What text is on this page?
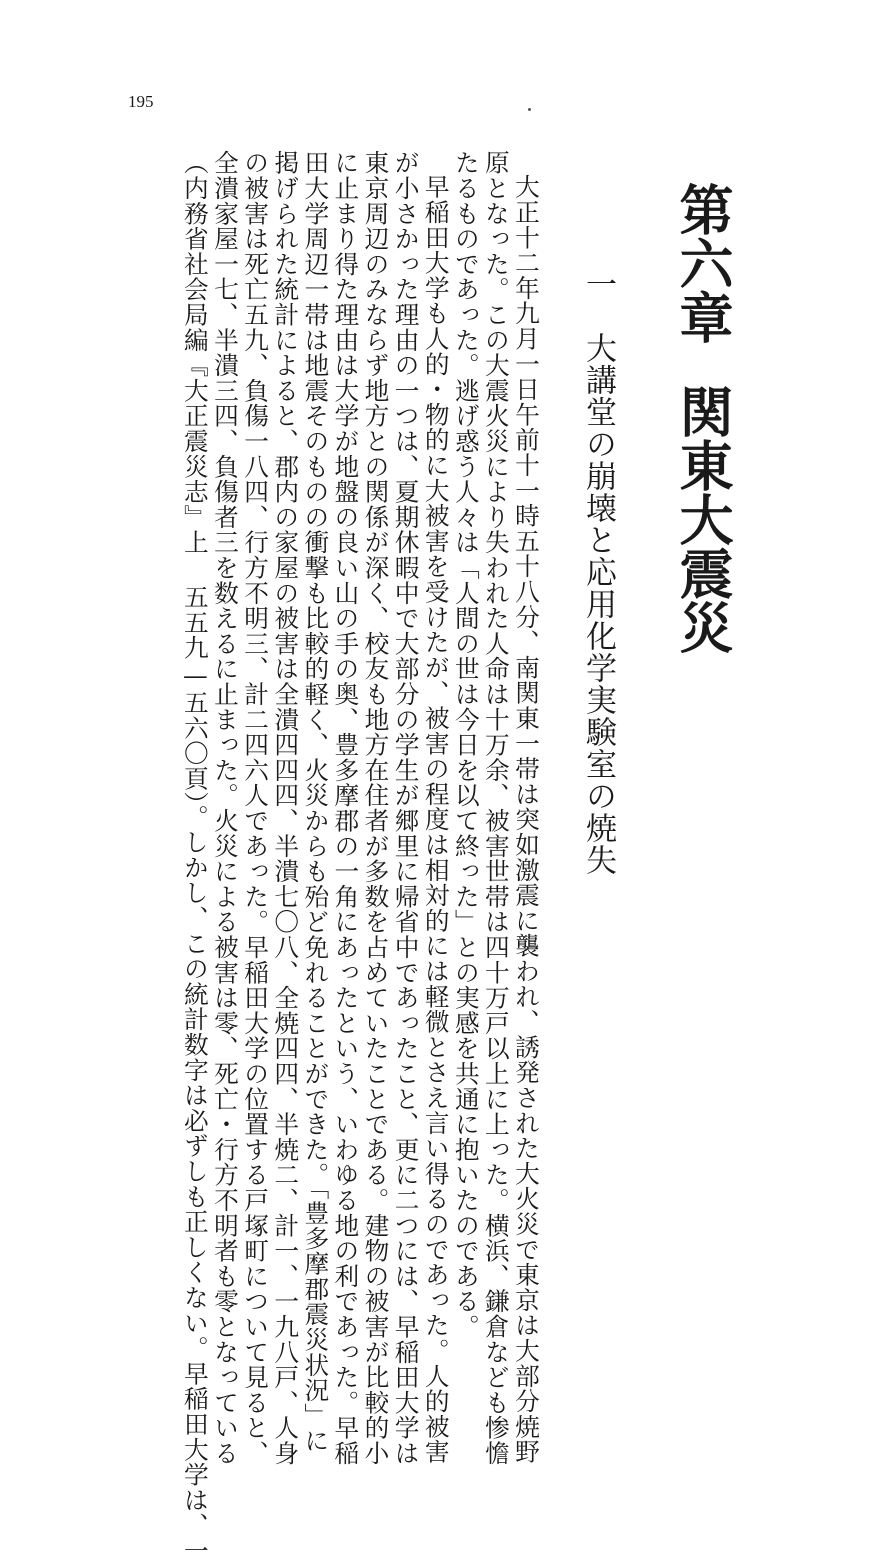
195
第六章関東大震災
一　大講堂の崩壊と応用化学実験室の焼失
大正十二年九月一日午前十一時五十八分、南関東一帯は突如激震に襲われ、誘発された大火災で東京は大部分焼野
原となった。この大震火災により失われた人命は十万余、被害世帯は四十万戸以上に上った。横浜、鎌倉なども惨憺
たるものであった。逃げ惑う人々は「人間の世は今日を以て終った」との実感を共通に抱いたのである。
早稲田大学も人的・物的に大被害を受けたが、被害の程度は相対的には軽微とさえ言い得るのであった。人的被害
が小さかった理由の一つは、夏期休暇中で大部分の学生が郷里に帰省中であったこと、更に二つには、早稲田大学は
東京周辺のみならず地方との関係が深く、校友も地方在住者が多数を占めていたことである。建物の被害が比較的小
に止まり得た理由は大学が地盤の良い山の手の奥、豊多摩郡の一角にあったという、いわゆる地の利であった。早稲
田大学周辺一帯は地震そのものの衝撃も比較的軽く、火災からも殆ど免れることができた。「豊多摩郡震災状況」に
掲げられた統計によると、郡内の家屋の被害は全潰四四四、半潰七〇八、全焼四四、半焼二、計一、一九八戸、人身
の被害は死亡五九、負傷一八四、行方不明三、計二四六人であった。早稲田大学の位置する戸塚町について見ると、
全潰家屋一七、半潰三四、負傷者三を数えるに止まった。火災による被害は零、死亡・行方不明者も零となっている
（内務省社会局編『大正震災志』上 五五九—五六〇頁）。しかし、この統計数字は必ずしも正しくない。早稲田大学は、一
